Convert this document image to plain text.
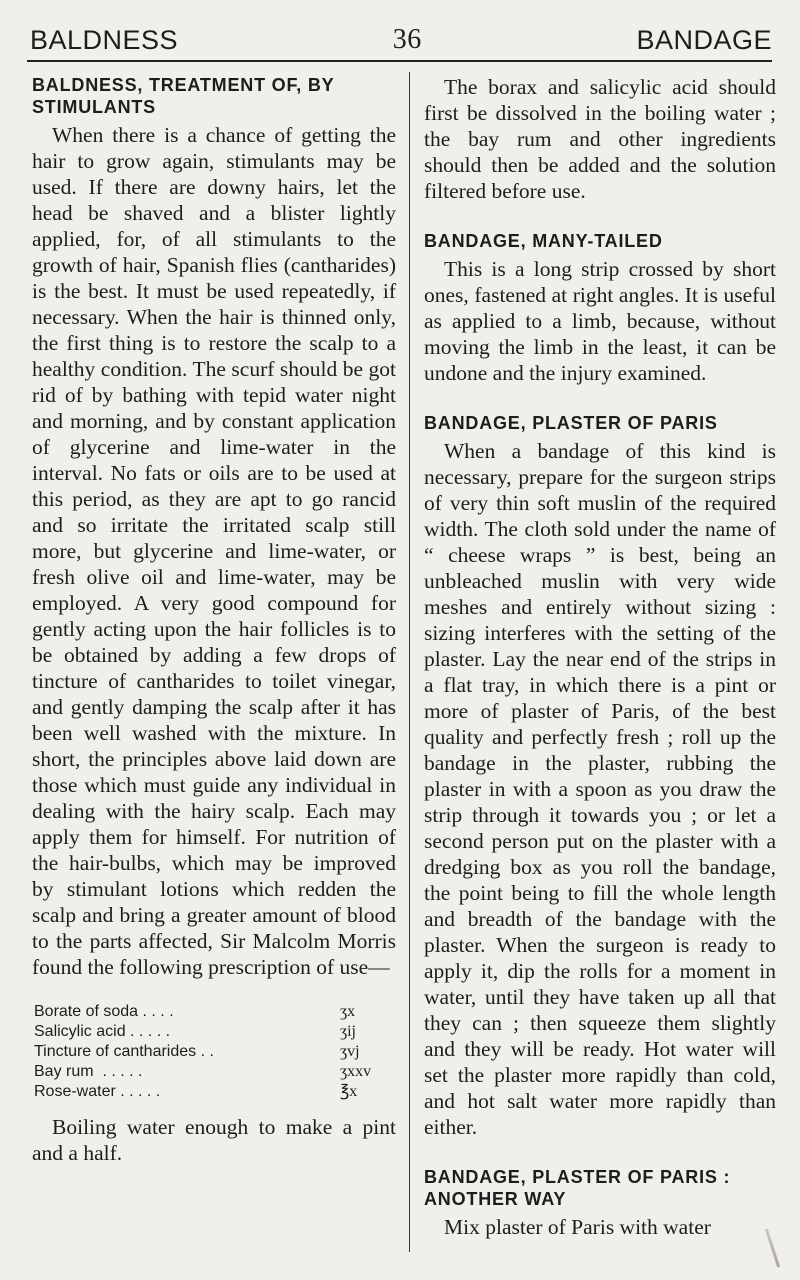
BALDNESS	36	BANDAGE
BALDNESS, TREATMENT OF, BY STIMULANTS

When there is a chance of getting the hair to grow again, stimulants may be used. If there are downy hairs, let the head be shaved and a blister lightly applied, for, of all stimulants to the growth of hair, Spanish flies (cantharides) is the best. It must be used repeatedly, if necessary. When the hair is thinned only, the first thing is to restore the scalp to a healthy condition. The scurf should be got rid of by bathing with tepid water night and morning, and by constant application of glycerine and lime-water in the interval. No fats or oils are to be used at this period, as they are apt to go rancid and so irritate the irritated scalp still more, but glycerine and lime-water, or fresh olive oil and lime-water, may be employed. A very good compound for gently acting upon the hair follicles is to be obtained by adding a few drops of tincture of cantharides to toilet vinegar, and gently damping the scalp after it has been well washed with the mixture. In short, the principles above laid down are those which must guide any individual in dealing with the hairy scalp. Each may apply them for himself. For nutrition of the hair-bulbs, which may be improved by stimulant lotions which redden the scalp and bring a greater amount of blood to the parts affected, Sir Malcolm Morris found the following prescription of use—

Borate of soda . . . .	ʒx
Salicylic acid . . . . .	ʒij
Tincture of cantharides . .	ʒvj
Bay rum  . . . . .	ʒxxv
Rose-water . . . . .	℥x

Boiling water enough to make a pint and a half.

The borax and salicylic acid should first be dissolved in the boiling water ; the bay rum and other ingredients should then be added and the solution filtered before use.

BANDAGE, MANY-TAILED

This is a long strip crossed by short ones, fastened at right angles. It is useful as applied to a limb, because, without moving the limb in the least, it can be undone and the injury examined.

BANDAGE, PLASTER OF PARIS

When a bandage of this kind is necessary, prepare for the surgeon strips of very thin soft muslin of the required width. The cloth sold under the name of “ cheese wraps ” is best, being an unbleached muslin with very wide meshes and entirely without sizing : sizing interferes with the setting of the plaster. Lay the near end of the strips in a flat tray, in which there is a pint or more of plaster of Paris, of the best quality and perfectly fresh ; roll up the bandage in the plaster, rubbing the plaster in with a spoon as you draw the strip through it towards you ; or let a second person put on the plaster with a dredging box as you roll the bandage, the point being to fill the whole length and breadth of the bandage with the plaster. When the surgeon is ready to apply it, dip the rolls for a moment in water, until they have taken up all that they can ; then squeeze them slightly and they will be ready. Hot water will set the plaster more rapidly than cold, and hot salt water more rapidly than either.

BANDAGE, PLASTER OF PARIS : ANOTHER WAY

Mix plaster of Paris with water
